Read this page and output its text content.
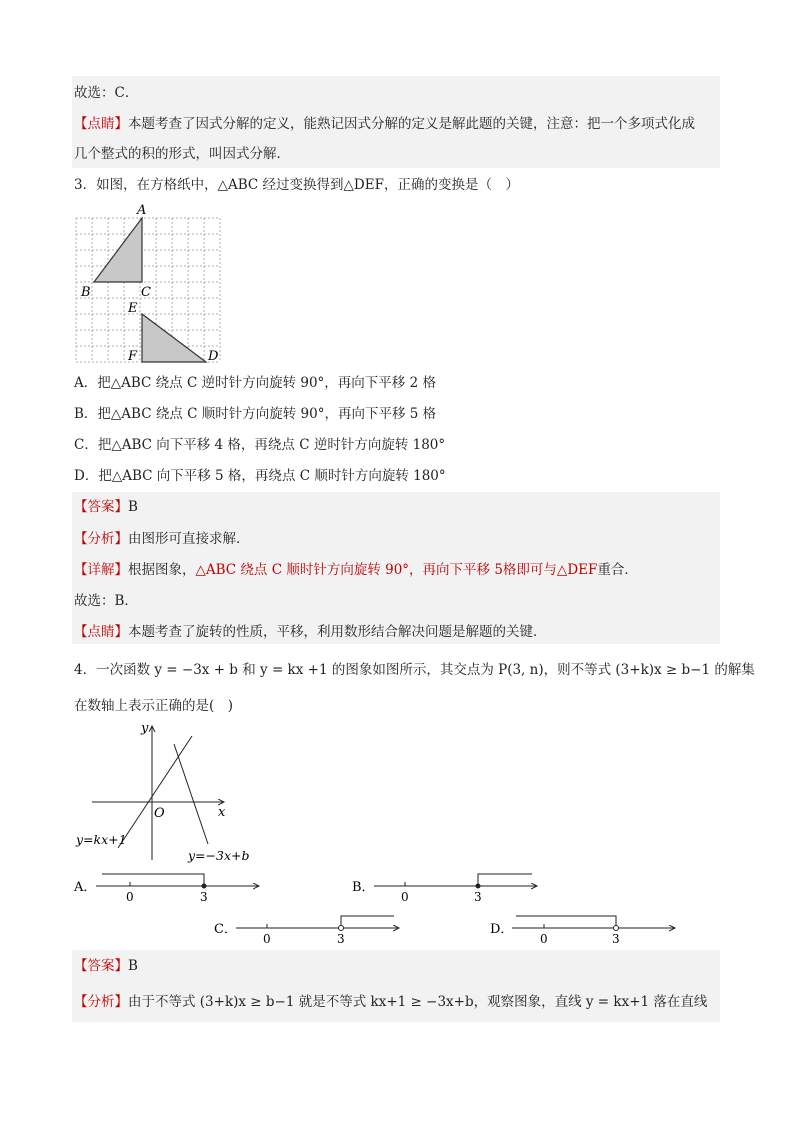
故选：C．
【点睛】本题考查了因式分解的定义，能熟记因式分解的定义是解此题的关键，注意：把一个多项式化成
几个整式的积的形式，叫因式分解．
3．如图，在方格纸中，△ABC 经过变换得到△DEF，正确的变换是（　）
A
B	C
E
F	D
A．把△ABC 绕点 C 逆时针方向旋转 90°，再向下平移 2 格
B．把△ABC 绕点 C 顺时针方向旋转 90°，再向下平移 5 格
C．把△ABC 向下平移 4 格，再绕点 C 逆时针方向旋转 180°
D．把△ABC 向下平移 5 格，再绕点 C 顺时针方向旋转 180°
【答案】B
【分析】由图形可直接求解．
【详解】根据图象，△ABC 绕点 C 顺时针方向旋转 90°，再向下平移 5格即可与△DEF重合．
故选：B．
【点睛】本题考查了旋转的性质，平移，利用数形结合解决问题是解题的关键．
4．一次函数 y = −3x + b 和 y = kx +1 的图象如图所示，其交点为 P(3, n)，则不等式 (3+k)x ≥ b−1 的解集
在数轴上表示正确的是(　)
y
x
O
y=kx+1
y=−3x+b
A．
0	3
B．
0	3
C．
0	3
D．
0	3
【答案】B
【分析】由于不等式 (3+k)x ≥ b−1 就是不等式 kx+1 ≥ −3x+b，观察图象，直线 y = kx+1 落在直线
